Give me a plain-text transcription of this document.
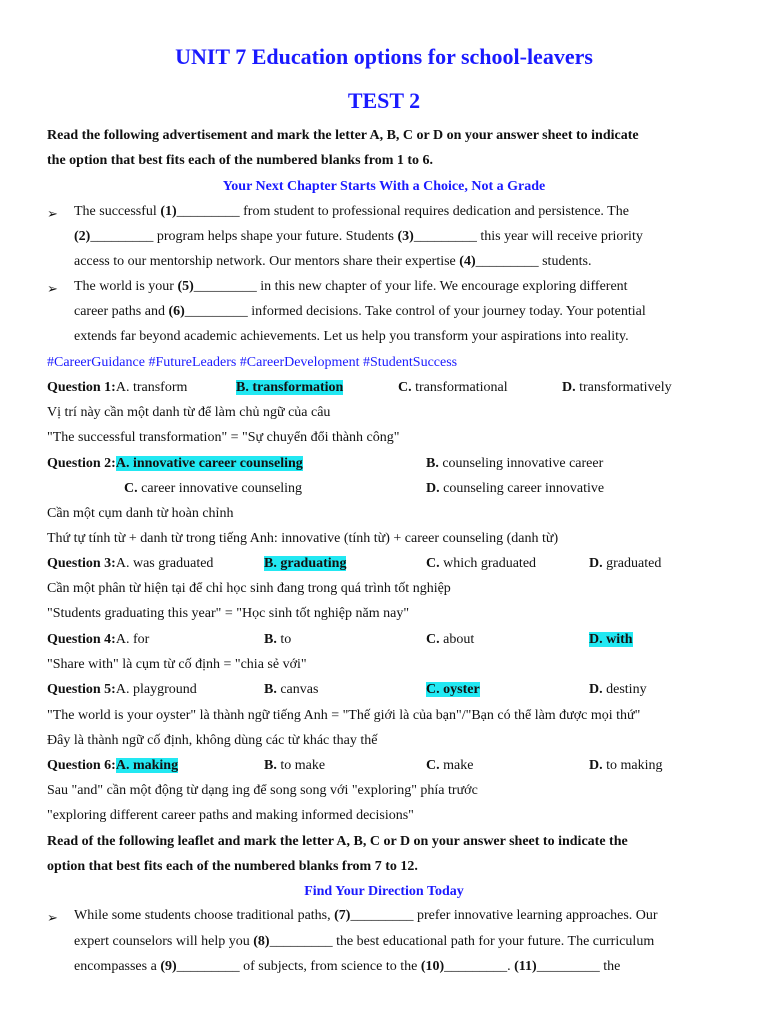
UNIT 7 Education options for school-leavers
TEST 2
Read the following advertisement and mark the letter A, B, C or D on your answer sheet to indicate
the option that best fits each of the numbered blanks from 1 to 6.
Your Next Chapter Starts With a Choice, Not a Grade
➢ The successful (1)_________ from student to professional requires dedication and persistence. The
(2)_________ program helps shape your future. Students (3)_________ this year will receive priority
access to our mentorship network. Our mentors share their expertise (4)_________ students.
➢ The world is your (5)_________ in this new chapter of your life. We encourage exploring different
career paths and (6)_________ informed decisions. Take control of your journey today. Your potential
extends far beyond academic achievements. Let us help you transform your aspirations into reality.
#CareerGuidance #FutureLeaders #CareerDevelopment #StudentSuccess
Question 1:A. transform	B. transformation	C. transformational	D. transformatively
Vị trí này cần một danh từ để làm chủ ngữ của câu
"The successful transformation" = "Sự chuyển đổi thành công"
Question 2:A. innovative career counseling	B. counseling innovative career
C. career innovative counseling	D. counseling career innovative
Cần một cụm danh từ hoàn chỉnh
Thứ tự tính từ + danh từ trong tiếng Anh: innovative (tính từ) + career counseling (danh từ)
Question 3:A. was graduated	B. graduating	C. which graduated	D. graduated
Cần một phân từ hiện tại để chỉ học sinh đang trong quá trình tốt nghiệp
"Students graduating this year" = "Học sinh tốt nghiệp năm nay"
Question 4:A. for	B. to	C. about	D. with
"Share with" là cụm từ cố định = "chia sẻ với"
Question 5:A. playground	B. canvas	C. oyster	D. destiny
"The world is your oyster" là thành ngữ tiếng Anh = "Thế giới là của bạn"/"Bạn có thể làm được mọi thứ"
Đây là thành ngữ cố định, không dùng các từ khác thay thế
Question 6:A. making	B. to make	C. make	D. to making
Sau "and" cần một động từ dạng ing để song song với "exploring" phía trước
"exploring different career paths and making informed decisions"
Read of the following leaflet and mark the letter A, B, C or D on your answer sheet to indicate the
option that best fits each of the numbered blanks from 7 to 12.
Find Your Direction Today
➢ While some students choose traditional paths, (7)_________ prefer innovative learning approaches. Our
expert counselors will help you (8)_________ the best educational path for your future. The curriculum
encompasses a (9)_________ of subjects, from science to the (10)_________. (11)_________ the
